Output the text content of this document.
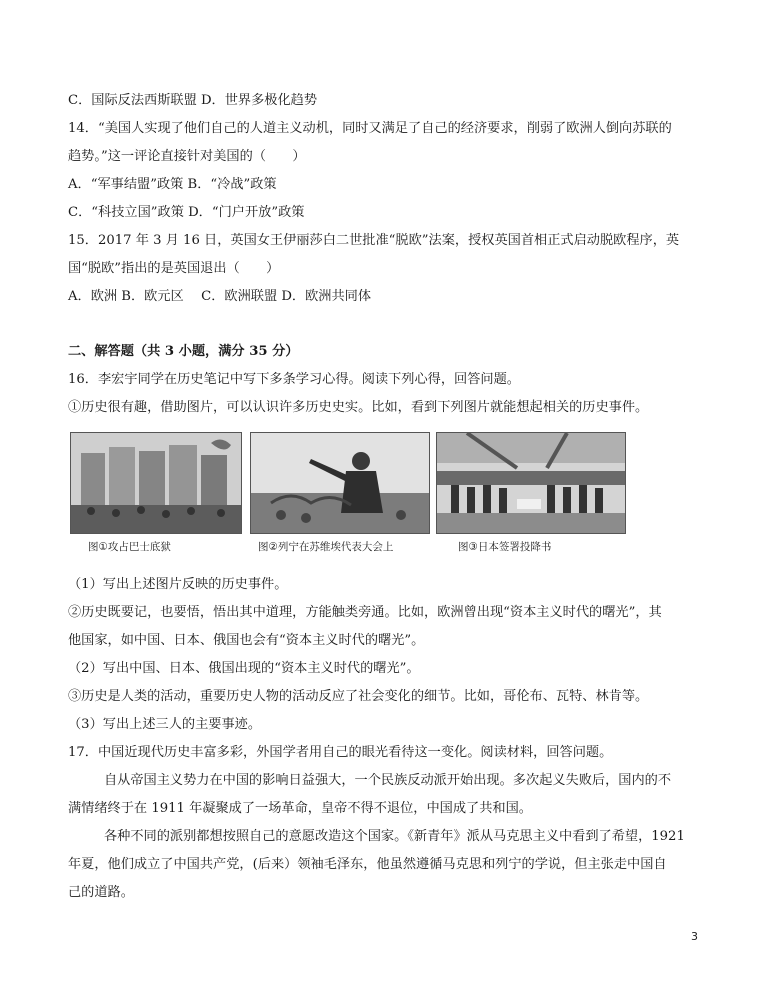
C．国际反法西斯联盟 D．世界多极化趋势
14．“美国人实现了他们自己的人道主义动机，同时又满足了自己的经济要求，削弱了欧洲人倒向苏联的
趋势。”这一评论直接针对美国的（　　）
A．“军事结盟”政策 B．“冷战”政策
C．“科技立国”政策 D．“门户开放”政策
15．2017 年 3 月 16 日，英国女王伊丽莎白二世批准“脱欧”法案，授权英国首相正式启动脱欧程序，英
国“脱欧”指出的是英国退出（　　）
A．欧洲 B．欧元区　 C．欧洲联盟 D．欧洲共同体
二、解答题（共 3 小题，满分 35 分）
16．李宏宇同学在历史笔记中写下多条学习心得。阅读下列心得，回答问题。
①历史很有趣，借助图片，可以认识许多历史史实。比如，看到下列图片就能想起相关的历史事件。
图①攻占巴士底狱	图②列宁在苏维埃代表大会上	图③日本签署投降书
（1）写出上述图片反映的历史事件。
②历史既要记，也要悟，悟出其中道理，方能触类旁通。比如，欧洲曾出现“资本主义时代的曙光”，其
他国家，如中国、日本、俄国也会有“资本主义时代的曙光”。
（2）写出中国、日本、俄国出现的“资本主义时代的曙光”。
③历史是人类的活动，重要历史人物的活动反应了社会变化的细节。比如，哥伦布、瓦特、林肯等。
（3）写出上述三人的主要事迹。
17．中国近现代历史丰富多彩，外国学者用自己的眼光看待这一变化。阅读材料，回答问题。
自从帝国主义势力在中国的影响日益强大，一个民族反动派开始出现。多次起义失败后，国内的不
满情绪终于在 1911 年凝聚成了一场革命，皇帝不得不退位，中国成了共和国。
各种不同的派别都想按照自己的意愿改造这个国家。《新青年》派从马克思主义中看到了希望，1921
年夏，他们成立了中国共产党，(后来）领袖毛泽东，他虽然遵循马克思和列宁的学说，但主张走中国自
己的道路。
3
